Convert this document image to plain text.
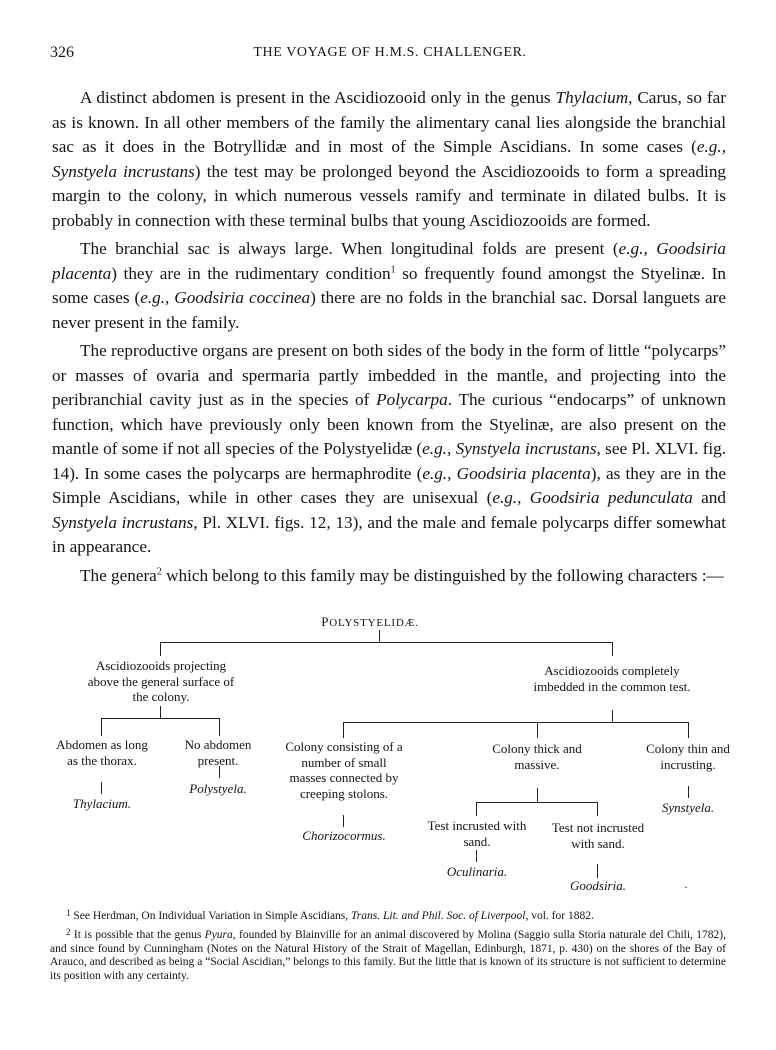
326	THE VOYAGE OF H.M.S. CHALLENGER.

A distinct abdomen is present in the Ascidiozooid only in the genus Thylacium, Carus, so far as is known. In all other members of the family the alimentary canal lies alongside the branchial sac as it does in the Botryllidæ and in most of the Simple Ascidians. In some cases (e.g., Synstyela incrustans) the test may be prolonged beyond the Ascidiozooids to form a spreading margin to the colony, in which numerous vessels ramify and terminate in dilated bulbs. It is probably in connection with these terminal bulbs that young Ascidiozooids are formed.

The branchial sac is always large. When longitudinal folds are present (e.g., Goodsiria placenta) they are in the rudimentary condition$^1$ so frequently found amongst the Styelinæ. In some cases (e.g., Goodsiria coccinea) there are no folds in the branchial sac. Dorsal languets are never present in the family.

The reproductive organs are present on both sides of the body in the form of little “polycarps” or masses of ovaria and spermaria partly imbedded in the mantle, and projecting into the peribranchial cavity just as in the species of Polycarpa. The curious “endocarps” of unknown function, which have previously only been known from the Styelinæ, are also present on the mantle of some if not all species of the Polystyelidæ (e.g., Synstyela incrustans, see Pl. XLVI. fig. 14). In some cases the polycarps are hermaphrodite (e.g., Goodsiria placenta), as they are in the Simple Ascidians, while in other cases they are unisexual (e.g., Goodsiria pedunculata and Synstyela incrustans, Pl. XLVI. figs. 12, 13), and the male and female polycarps differ somewhat in appearance.

The genera$^2$ which belong to this family may be distinguished by the following characters :—

POLYSTYELIDÆ.
Ascidiozooids projecting above the general surface of the colony.
Ascidiozooids completely imbedded in the common test.
Abdomen as long as the thorax.
No abdomen present.
Colony consisting of a number of small masses connected by creeping stolons.
Colony thick and massive.
Colony thin and incrusting.
Thylacium.
Polystyela.
Chorizocormus.
Synstyela.
Test incrusted with sand.
Test not incrusted with sand.
Oculinaria.
Goodsiria.	·

$^1$ See Herdman, On Individual Variation in Simple Ascidians, Trans. Lit. and Phil. Soc. of Liverpool, vol. for 1882.

$^2$ It is possible that the genus Pyura, founded by Blainville for an animal discovered by Molina (Saggio sulla Storia naturale del Chili, 1782), and since found by Cunningham (Notes on the Natural History of the Strait of Magellan, Edinburgh, 1871, p. 430) on the shores of the Bay of Arauco, and described as being a “Social Ascidian,” belongs to this family. But the little that is known of its structure is not sufficient to determine its position with any certainty.
